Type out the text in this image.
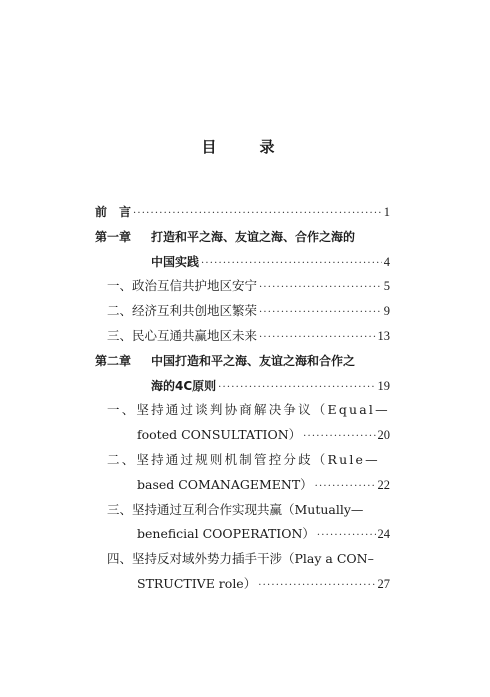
目　录
前　言 ·····	1
第一章	打造和平之海、友谊之海、合作之海的
中国实践 ·····	4
一、政治互信共护地区安宁 ·····	5
二、经济互利共创地区繁荣 ·····	9
三、民心互通共赢地区未来 ·····	13
第二章	中国打造和平之海、友谊之海和合作之
海的4C原则 ·····	19
一、坚持通过谈判协商解决争议（Equal—
footed CONSULTATION） ·····	20
二、坚持通过规则机制管控分歧（Rule—
based COMANAGEMENT） ·····	22
三、坚持通过互利合作实现共赢（Mutually—
beneficial COOPERATION） ·····	24
四、坚持反对域外势力插手干涉（Play a CON–
STRUCTIVE role） ·····	27
